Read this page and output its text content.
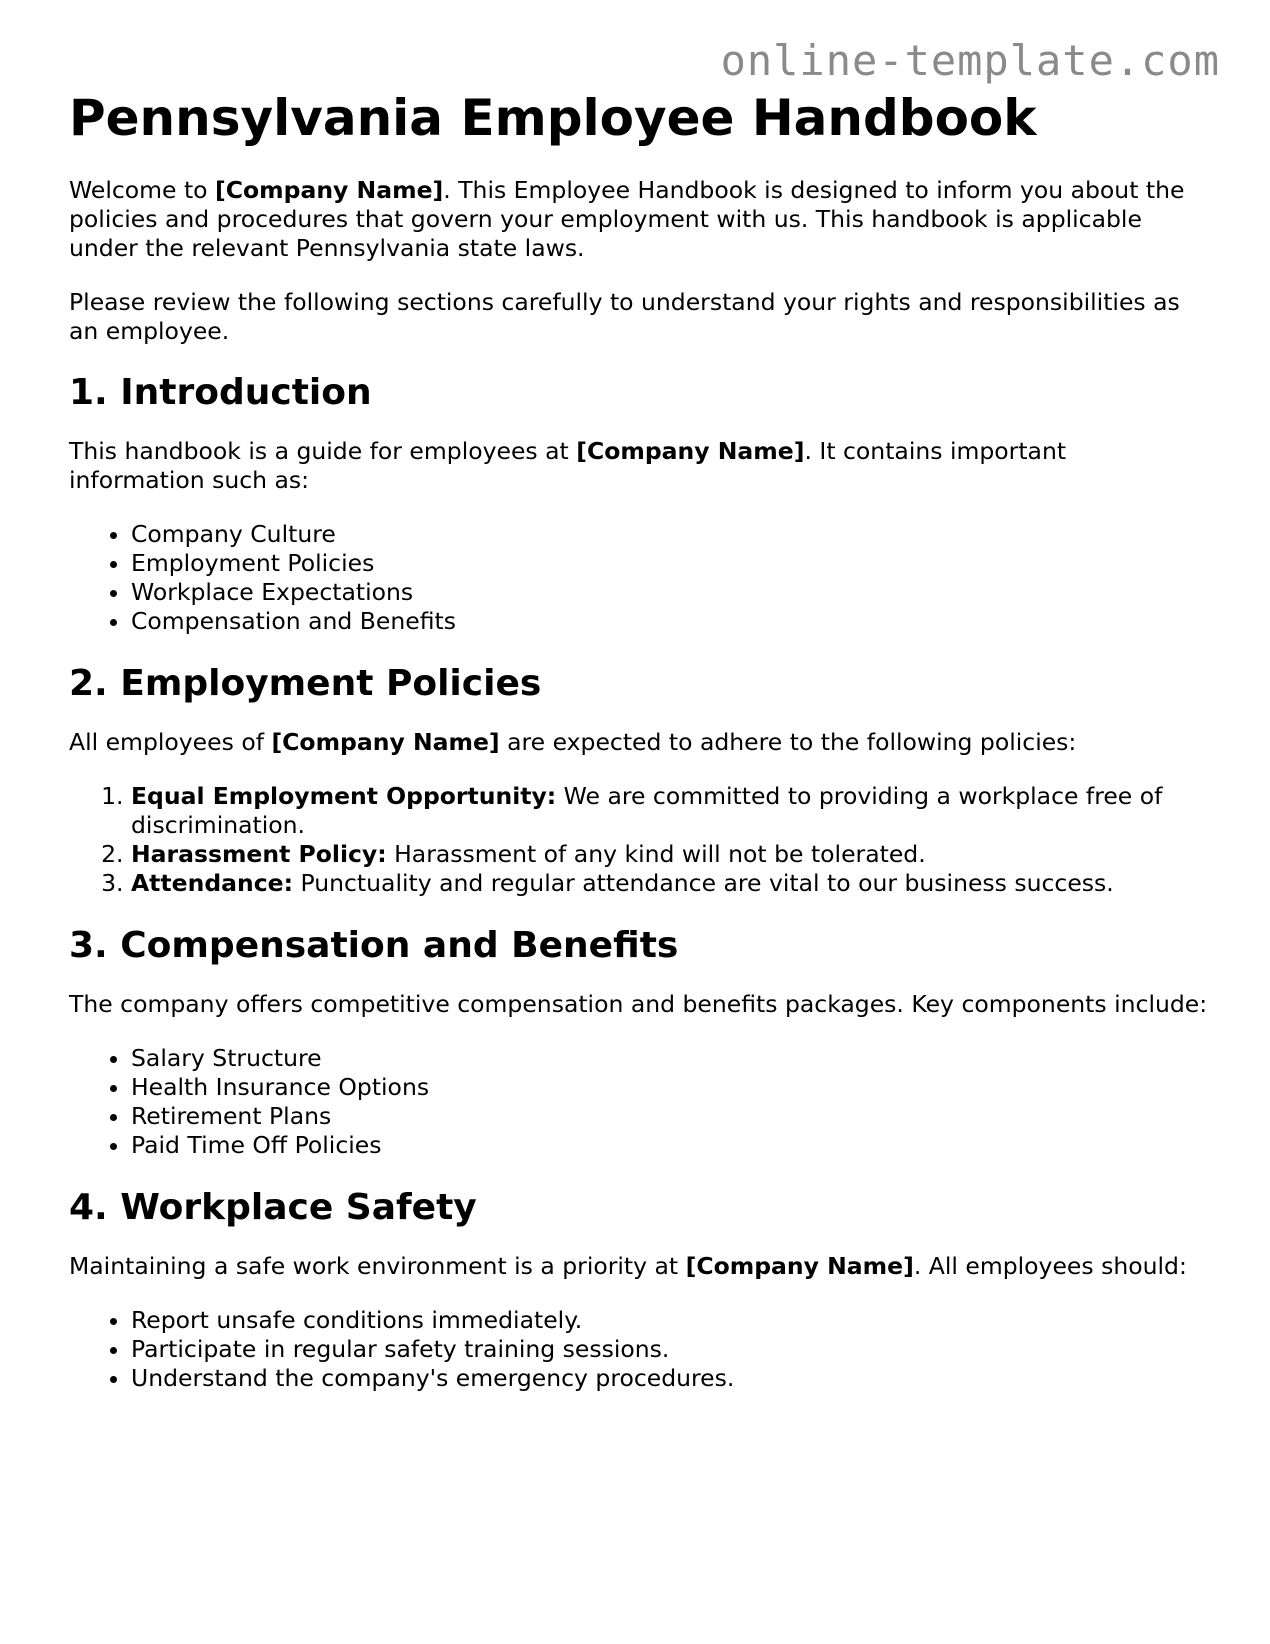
online-template.com
Pennsylvania Employee Handbook

Welcome to [Company Name]. This Employee Handbook is designed to inform you about the policies and procedures that govern your employment with us. This handbook is applicable under the relevant Pennsylvania state laws.

Please review the following sections carefully to understand your rights and responsibilities as an employee.

1. Introduction

This handbook is a guide for employees at [Company Name]. It contains important information such as:

• Company Culture
• Employment Policies
• Workplace Expectations
• Compensation and Benefits
2. Employment Policies

All employees of [Company Name] are expected to adhere to the following policies:

1. Equal Employment Opportunity: We are committed to providing a workplace free of discrimination.
2. Harassment Policy: Harassment of any kind will not be tolerated.
3. Attendance: Punctuality and regular attendance are vital to our business success.
3. Compensation and Benefits

The company offers competitive compensation and benefits packages. Key components include:

• Salary Structure
• Health Insurance Options
• Retirement Plans
• Paid Time Off Policies
4. Workplace Safety

Maintaining a safe work environment is a priority at [Company Name]. All employees should:

• Report unsafe conditions immediately.
• Participate in regular safety training sessions.
• Understand the company's emergency procedures.
